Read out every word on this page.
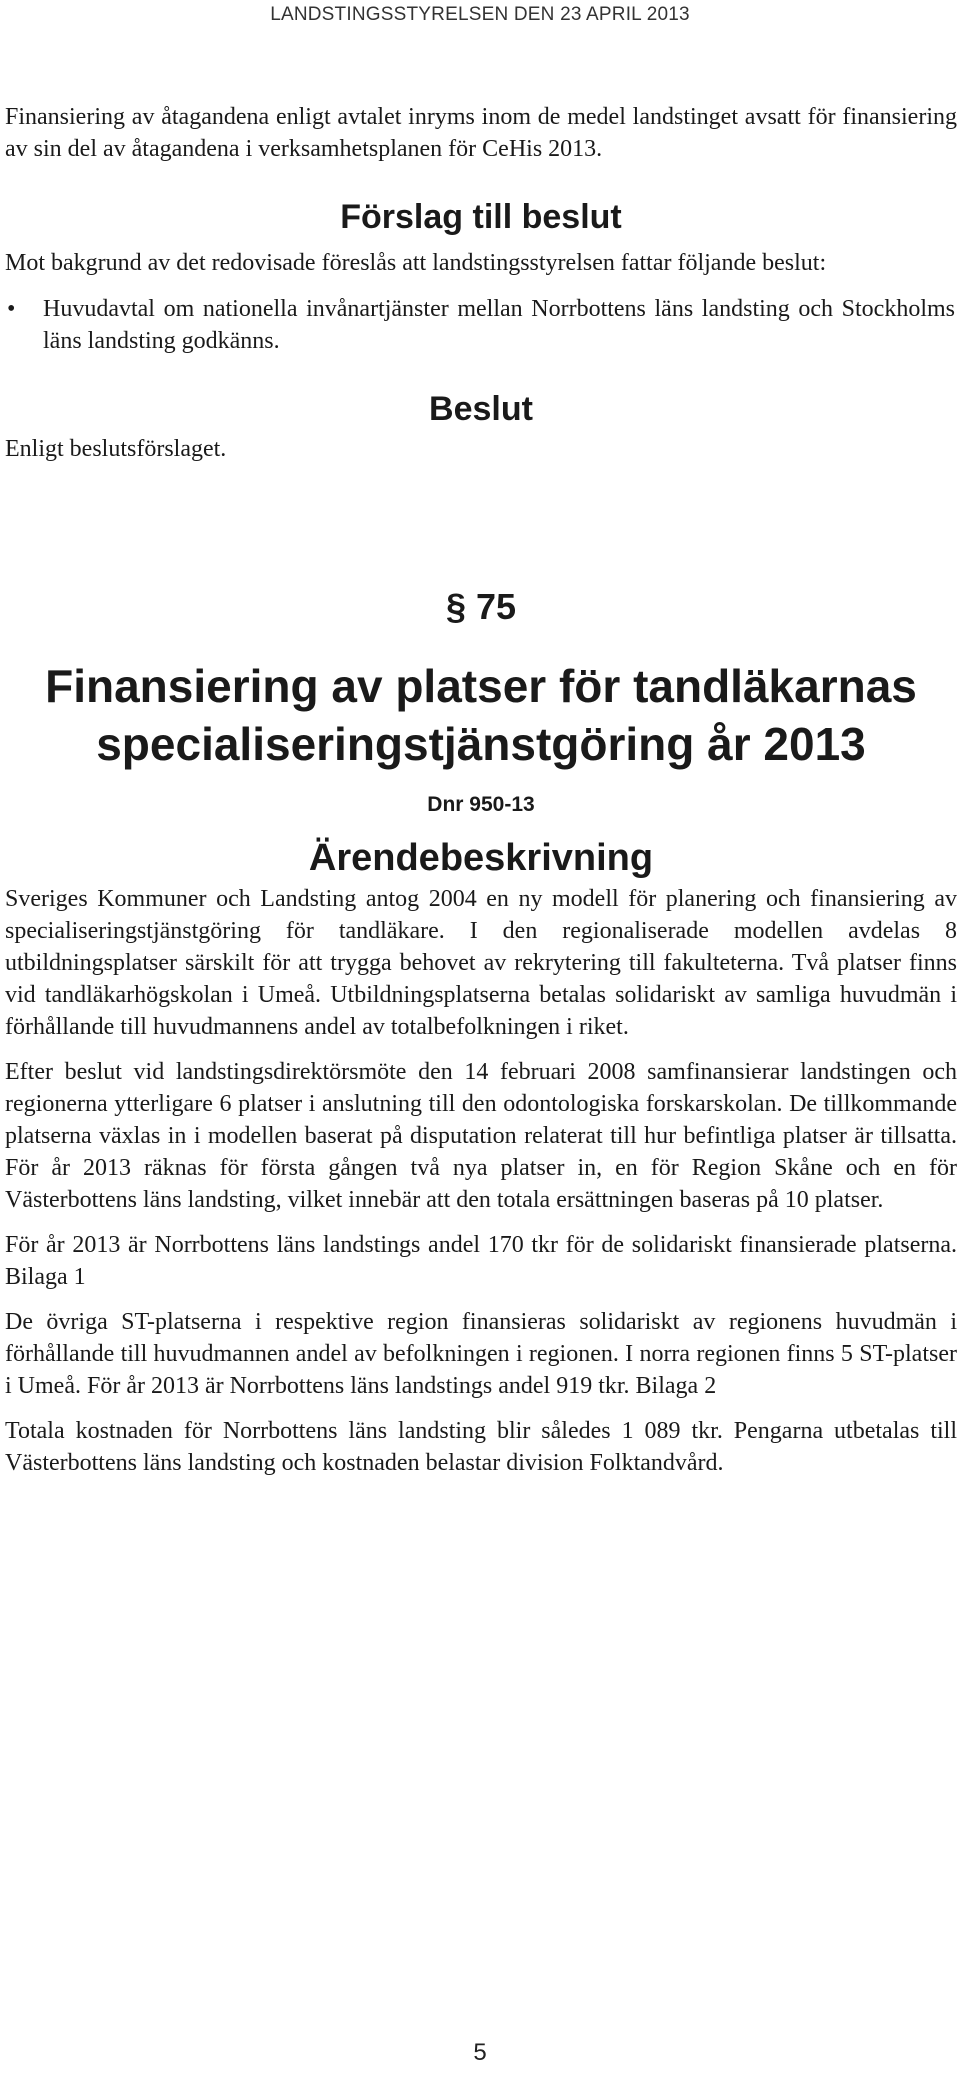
LANDSTINGSSTYRELSEN DEN 23 APRIL 2013

Finansiering av åtagandena enligt avtalet inryms inom de medel landstinget avsatt för finansiering av sin del av åtagandena i verksamhetsplanen för CeHis 2013.

Förslag till beslut

Mot bakgrund av det redovisade föreslås att landstingsstyrelsen fattar följande beslut:

•	Huvudavtal om nationella invånartjänster mellan Norrbottens läns landsting och Stockholms läns landsting godkänns.
Beslut

Enligt beslutsförslaget.

§ 75
Finansiering av platser för tandläkarnas specialiseringstjänstgöring år 2013
Dnr 950-13
Ärendebeskrivning

Sveriges Kommuner och Landsting antog 2004 en ny modell för planering och finansiering av specialiseringstjänstgöring för tandläkare. I den regionaliserade modellen avdelas 8 utbildningsplatser särskilt för att trygga behovet av rekrytering till fakulteterna. Två platser finns vid tandläkarhögskolan i Umeå. Utbildningsplatserna betalas solidariskt av samliga huvudmän i förhållande till huvudmannens andel av totalbefolkningen i riket.

Efter beslut vid landstingsdirektörsmöte den 14 februari 2008 samfinansierar landstingen och regionerna ytterligare 6 platser i anslutning till den odontologiska forskarskolan. De tillkommande platserna växlas in i modellen baserat på disputation relaterat till hur befintliga platser är tillsatta. För år 2013 räknas för första gången två nya platser in, en för Region Skåne och en för Västerbottens läns landsting, vilket innebär att den totala ersättningen baseras på 10 platser.

För år 2013 är Norrbottens läns landstings andel 170 tkr för de solidariskt finansierade platserna. Bilaga 1

De övriga ST-platserna i respektive region finansieras solidariskt av regionens huvudmän i förhållande till huvudmannen andel av befolkningen i regionen. I norra regionen finns 5 ST-platser i Umeå. För år 2013 är Norrbottens läns landstings andel 919 tkr. Bilaga 2

Totala kostnaden för Norrbottens läns landsting blir således 1 089 tkr. Pengarna utbetalas till Västerbottens läns landsting och kostnaden belastar division Folktandvård.

5
